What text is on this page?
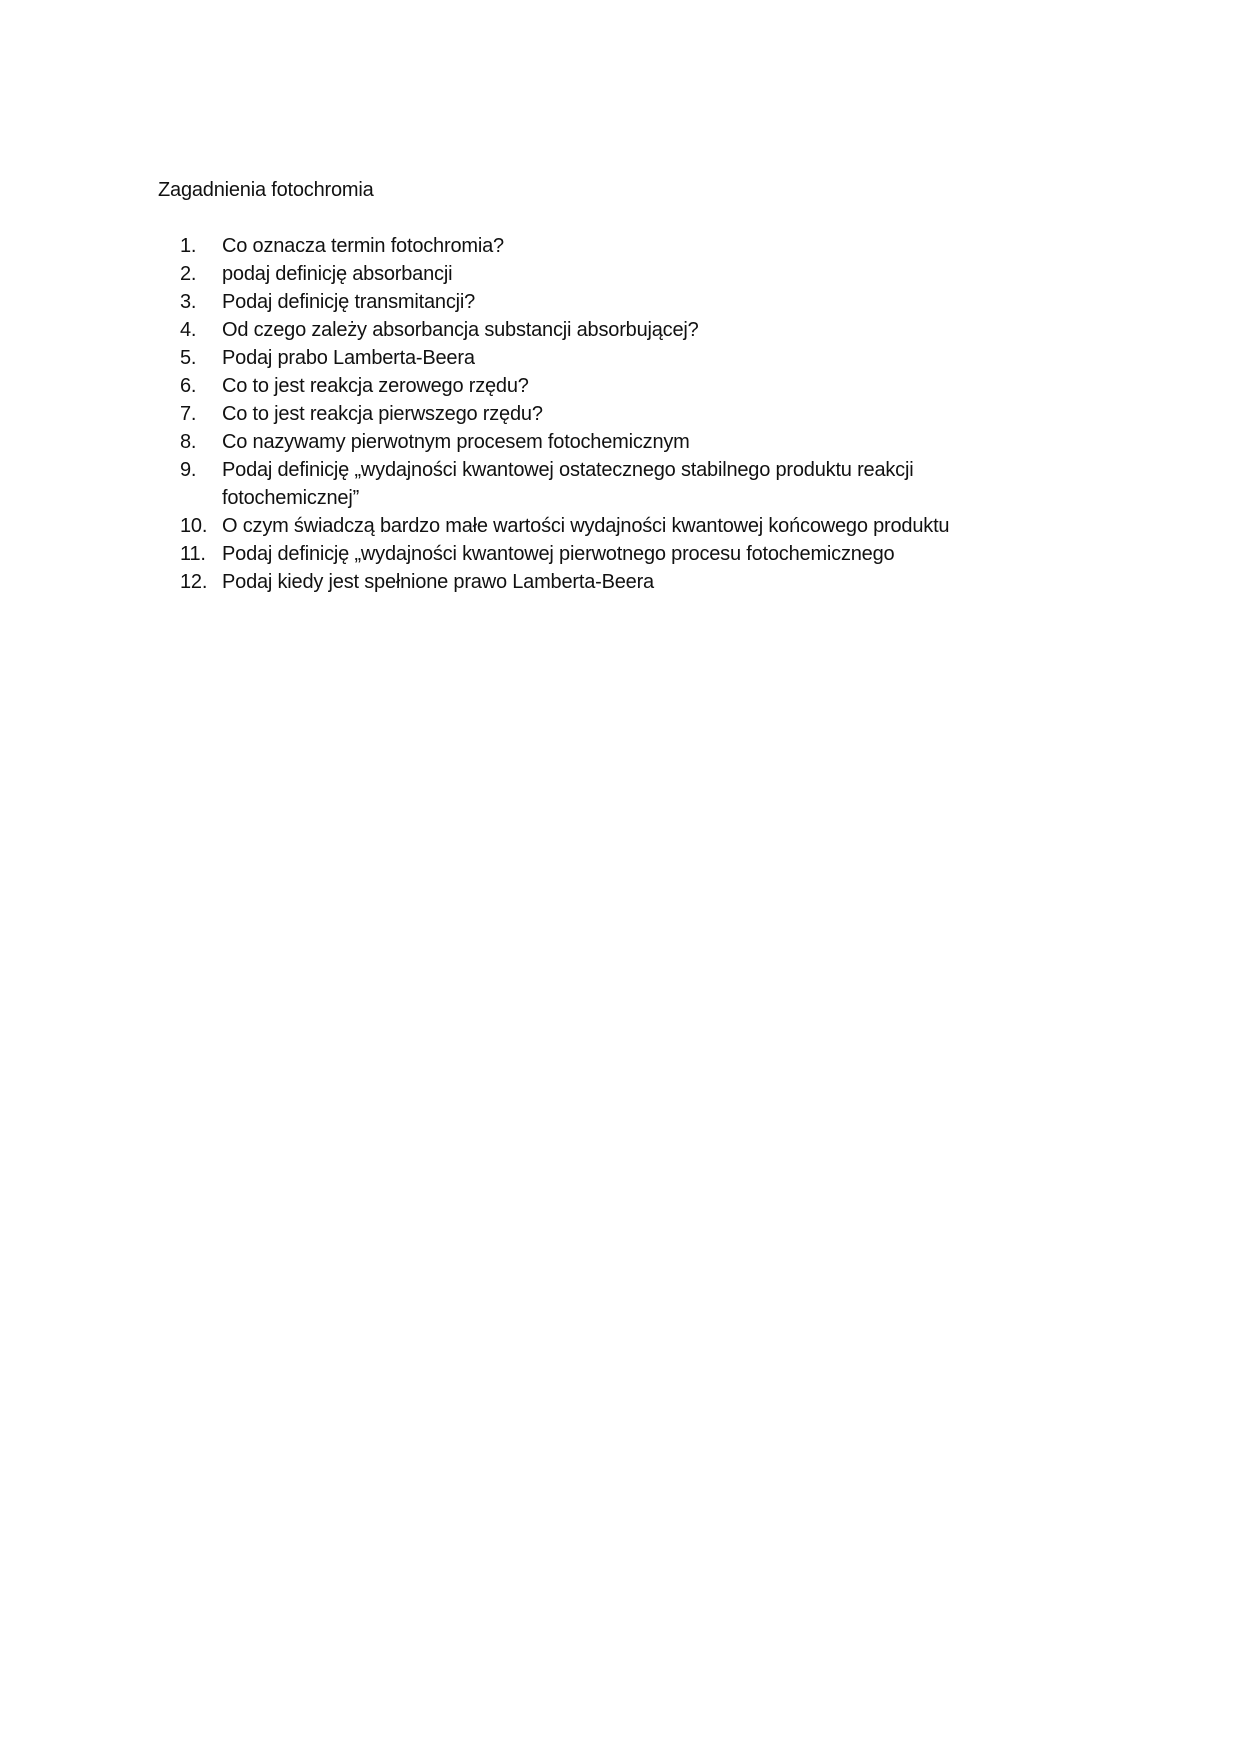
Zagadnienia fotochromia
1.	Co oznacza termin fotochromia?
2.	podaj definicję absorbancji
3.	Podaj definicję transmitancji?
4.	Od czego zależy absorbancja substancji absorbującej?
5.	Podaj prabo Lamberta-Beera
6.	Co to jest reakcja zerowego rzędu?
7.	Co to jest reakcja pierwszego rzędu?
8.	Co nazywamy pierwotnym procesem fotochemicznym
9.	Podaj definicję „wydajności kwantowej ostatecznego stabilnego produktu reakcji fotochemicznej”
10. O czym świadczą bardzo małe wartości wydajności kwantowej końcowego produktu
11. Podaj definicję „wydajności kwantowej pierwotnego procesu fotochemicznego
12. Podaj kiedy jest spełnione prawo Lamberta-Beera
